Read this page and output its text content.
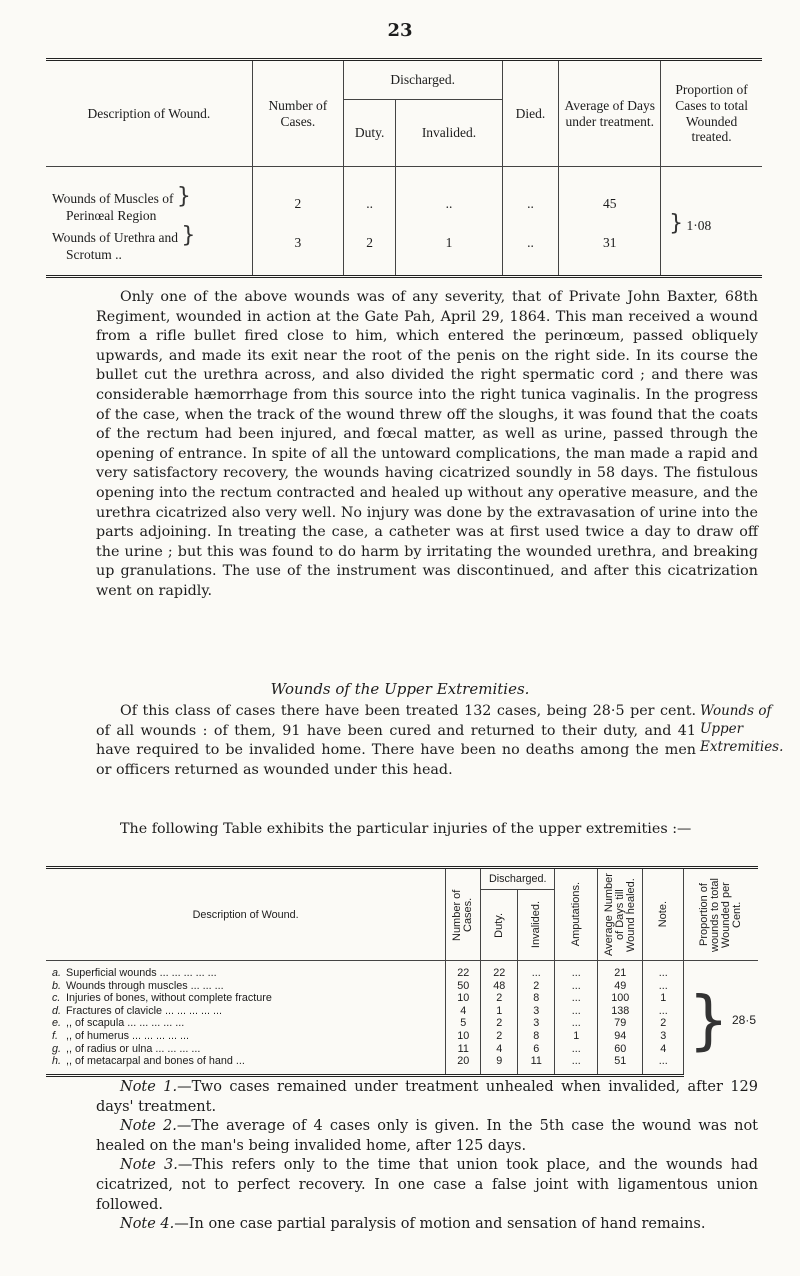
23
Description of Wound.	Number of Cases.	Discharged.		Died.	Average of Days under treatment.	Proportion of Cases to total Wounded treated.
		Duty.	Invalided.			

Wounds of Muscles of }
Perinœal Region	2	..	..	..	45	} 1·08
Wounds of Urethra and }
Scrotum ..	3	2	1	..	31	

Only one of the above wounds was of any severity, that of Private John Baxter, 68th Regiment, wounded in action at the Gate Pah, April 29, 1864. This man received a wound from a rifle bullet fired close to him, which entered the perinœum, passed obliquely upwards, and made its exit near the root of the penis on the right side. In its course the bullet cut the urethra across, and also divided the right spermatic cord ; and there was considerable hæmorrhage from this source into the right tunica vaginalis. In the progress of the case, when the track of the wound threw off the sloughs, it was found that the coats of the rectum had been injured, and fœcal matter, as well as urine, passed through the opening of entrance. In spite of all the untoward complications, the man made a rapid and very satisfactory recovery, the wounds having cicatrized soundly in 58 days. The fistulous opening into the rectum contracted and healed up without any operative measure, and the urethra cicatrized also very well. No injury was done by the extravasation of urine into the parts adjoining. In treating the case, a catheter was at first used twice a day to draw off the urine ; but this was found to do harm by irritating the wounded urethra, and breaking up granulations. The use of the instrument was discontinued, and after this cicatrization went on rapidly.

Wounds of the Upper Extremities.
Wounds of Upper Extremities.

Of this class of cases there have been treated 132 cases, being 28·5 per cent. of all wounds : of them, 91 have been cured and returned to their duty, and 41 have required to be invalided home. There have been no deaths among the men or officers returned as wounded under this head.

The following Table exhibits the particular injuries of the upper extremities :—

Description of Wound.	Number of Cases.	Discharged.		Amputations.	Average Number of Days till Wound healed.	Note.	Proportion of wounds to total Wounded per Cent.

		Duty.	Invalided.				

a. Superficial wounds ... ... ... ... ...	22	22	...	...	21	...	} 28·5
b. Wounds through muscles ... ... ...	50	48	2	...	49	...	
c. Injuries of bones, without complete fracture	10	2	8	...	100	1	
d. Fractures of clavicle ... ... ... ... ...	4	1	3	...	138	...	
e. ,, of scapula ... ... ... ... ...	5	2	3	...	79	2	
f. ,, of humerus ... ... ... ... ...	10	2	8	1	94	3	
g. ,, of radius or ulna ... ... ... ...	11	4	6	...	60	4	
h. ,, of metacarpal and bones of hand ...	20	9	11	...	51	...	

Note 1.—Two cases remained under treatment unhealed when invalided, after 129 days' treatment.

Note 2.—The average of 4 cases only is given. In the 5th case the wound was not healed on the man's being invalided home, after 125 days.

Note 3.—This refers only to the time that union took place, and the wounds had cicatrized, not to perfect recovery. In one case a false joint with ligamentous union followed.

Note 4.—In one case partial paralysis of motion and sensation of hand remains.
